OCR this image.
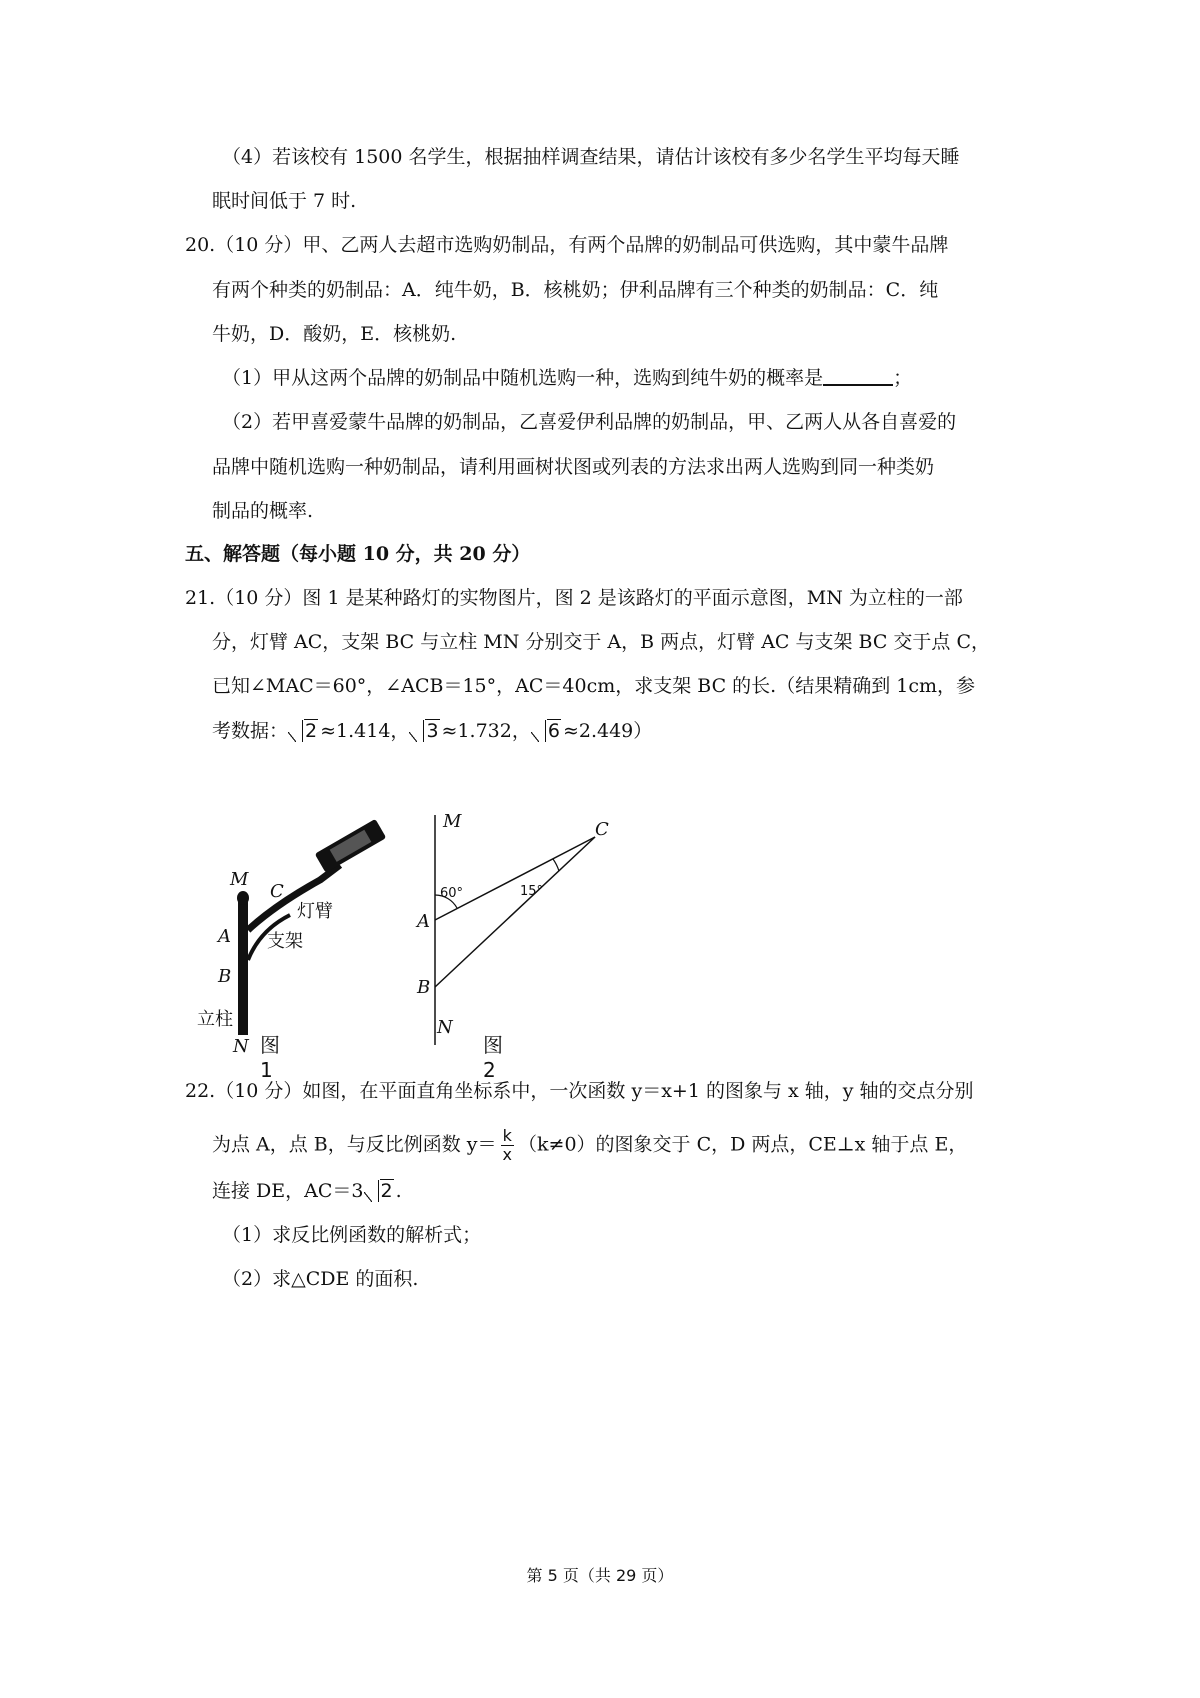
（4）若该校有 1500 名学生，根据抽样调查结果，请估计该校有多少名学生平均每天睡
眠时间低于 7 时.
20.（10 分）甲、乙两人去超市选购奶制品，有两个品牌的奶制品可供选购，其中蒙牛品牌
有两个种类的奶制品：A．纯牛奶，B．核桃奶；伊利品牌有三个种类的奶制品：C．纯
牛奶，D．酸奶，E．核桃奶.
（1）甲从这两个品牌的奶制品中随机选购一种，选购到纯牛奶的概率是	；
（2）若甲喜爱蒙牛品牌的奶制品，乙喜爱伊利品牌的奶制品，甲、乙两人从各自喜爱的
品牌中随机选购一种奶制品，请利用画树状图或列表的方法求出两人选购到同一种类奶
制品的概率.
五、解答题（每小题 10 分，共 20 分）
21.（10 分）图 1 是某种路灯的实物图片，图 2 是该路灯的平面示意图，MN 为立柱的一部
分，灯臂 AC，支架 BC 与立柱 MN 分别交于 A，B 两点，灯臂 AC 与支架 BC 交于点 C，
已知∠MAC＝60°，∠ACB＝15°，AC＝40cm，求支架 BC 的长.（结果精确到 1cm，参
考数据： 2 ≈1.414， 3 ≈1.732， 6 ≈2.449）
M
C
灯臂
A 支架
B
立柱
N
M	C
60°	15°
A
B
N
图1
图2
22.（10 分）如图，在平面直角坐标系中，一次函数 y＝x+1 的图象与 x 轴，y 轴的交点分别
为点 A，点 B，与反比例函数 $y= \frac{k}{x} (k\ne 0)$的图象交于 C，D 两点，CE⊥x 轴于点 E，
连接 DE，AC＝3 2 .
（1）求反比例函数的解析式；
（2）求△CDE 的面积.
第 5 页（共 29 页）
